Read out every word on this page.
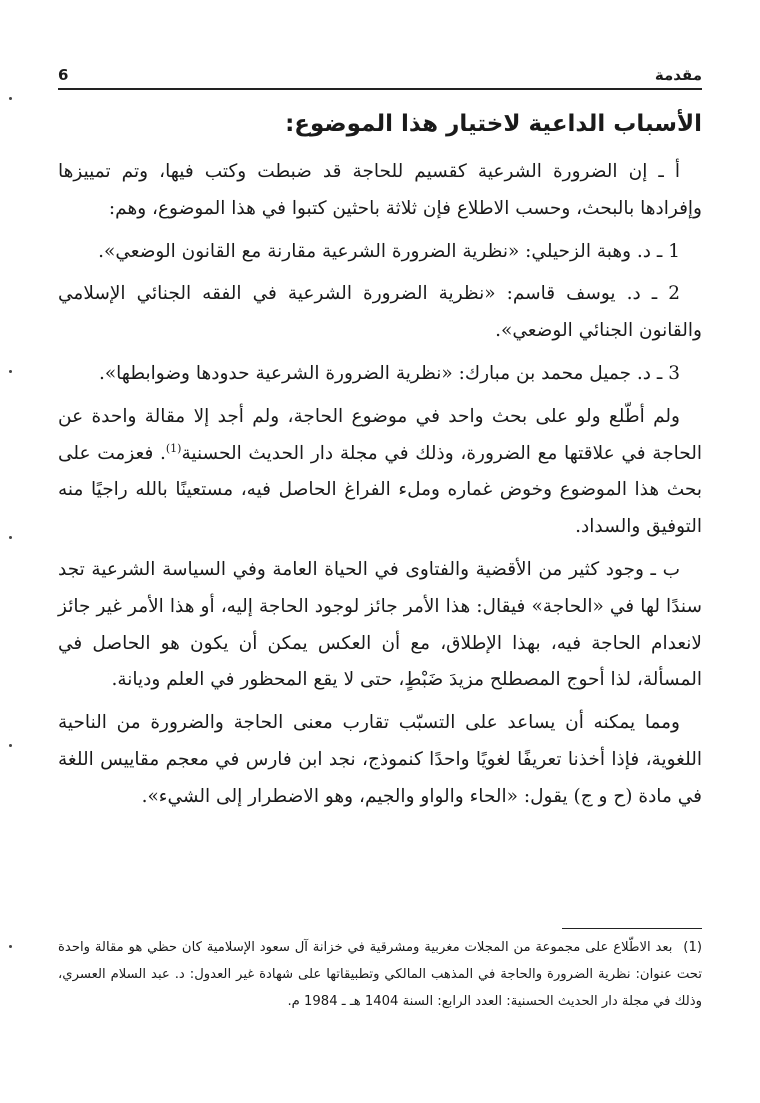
6	مقدمة
الأسباب الداعية لاختيار هذا الموضوع:

أ ـ إن الضرورة الشرعية كقسيم للحاجة قد ضبطت وكتب فيها، وتم تمييزها وإفرادها بالبحث، وحسب الاطلاع فإن ثلاثة باحثين كتبوا في هذا الموضوع، وهم:

1 ـ د. وهبة الزحيلي: «نظرية الضرورة الشرعية مقارنة مع القانون الوضعي».

2 ـ د. يوسف قاسم: «نظرية الضرورة الشرعية في الفقه الجنائي الإسلامي والقانون الجنائي الوضعي».

3 ـ د. جميل محمد بن مبارك: «نظرية الضرورة الشرعية حدودها وضوابطها».

ولم أطّلع ولو على بحث واحد في موضوع الحاجة، ولم أجد إلا مقالة واحدة عن الحاجة في علاقتها مع الضرورة، وذلك في مجلة دار الحديث الحسنية$^{(1)}$. فعزمت على بحث هذا الموضوع وخوض غماره وملء الفراغ الحاصل فيه، مستعينًا بالله راجيًا منه التوفيق والسداد.

ب ـ وجود كثير من الأقضية والفتاوى في الحياة العامة وفي السياسة الشرعية تجد سندًا لها في «الحاجة» فيقال: هذا الأمر جائز لوجود الحاجة إليه، أو هذا الأمر غير جائز لانعدام الحاجة فيه، بهذا الإطلاق، مع أن العكس يمكن أن يكون هو الحاصل في المسألة، لذا أحوج المصطلح مزيدَ ضَبْطٍ، حتى لا يقع المحظور في العلم وديانة.

ومما يمكنه أن يساعد على التسبّب تقارب معنى الحاجة والضرورة من الناحية اللغوية، فإذا أخذنا تعريفًا لغويًا واحدًا كنموذج، نجد ابن فارس في معجم مقاييس اللغة في مادة (ح و ج) يقول: «الحاء والواو والجيم، وهو الاضطرار إلى الشيء».

(1) بعد الاطّلاع على مجموعة من المجلات مغربية ومشرقية في خزانة آل سعود الإسلامية كان حظي هو مقالة واحدة تحت عنوان: نظرية الضرورة والحاجة في المذهب المالكي وتطبيقاتها على شهادة غير العدول: د. عبد السلام العسري، وذلك في مجلة دار الحديث الحسنية: العدد الرابع: السنة 1404 هـ ـ 1984 م.
